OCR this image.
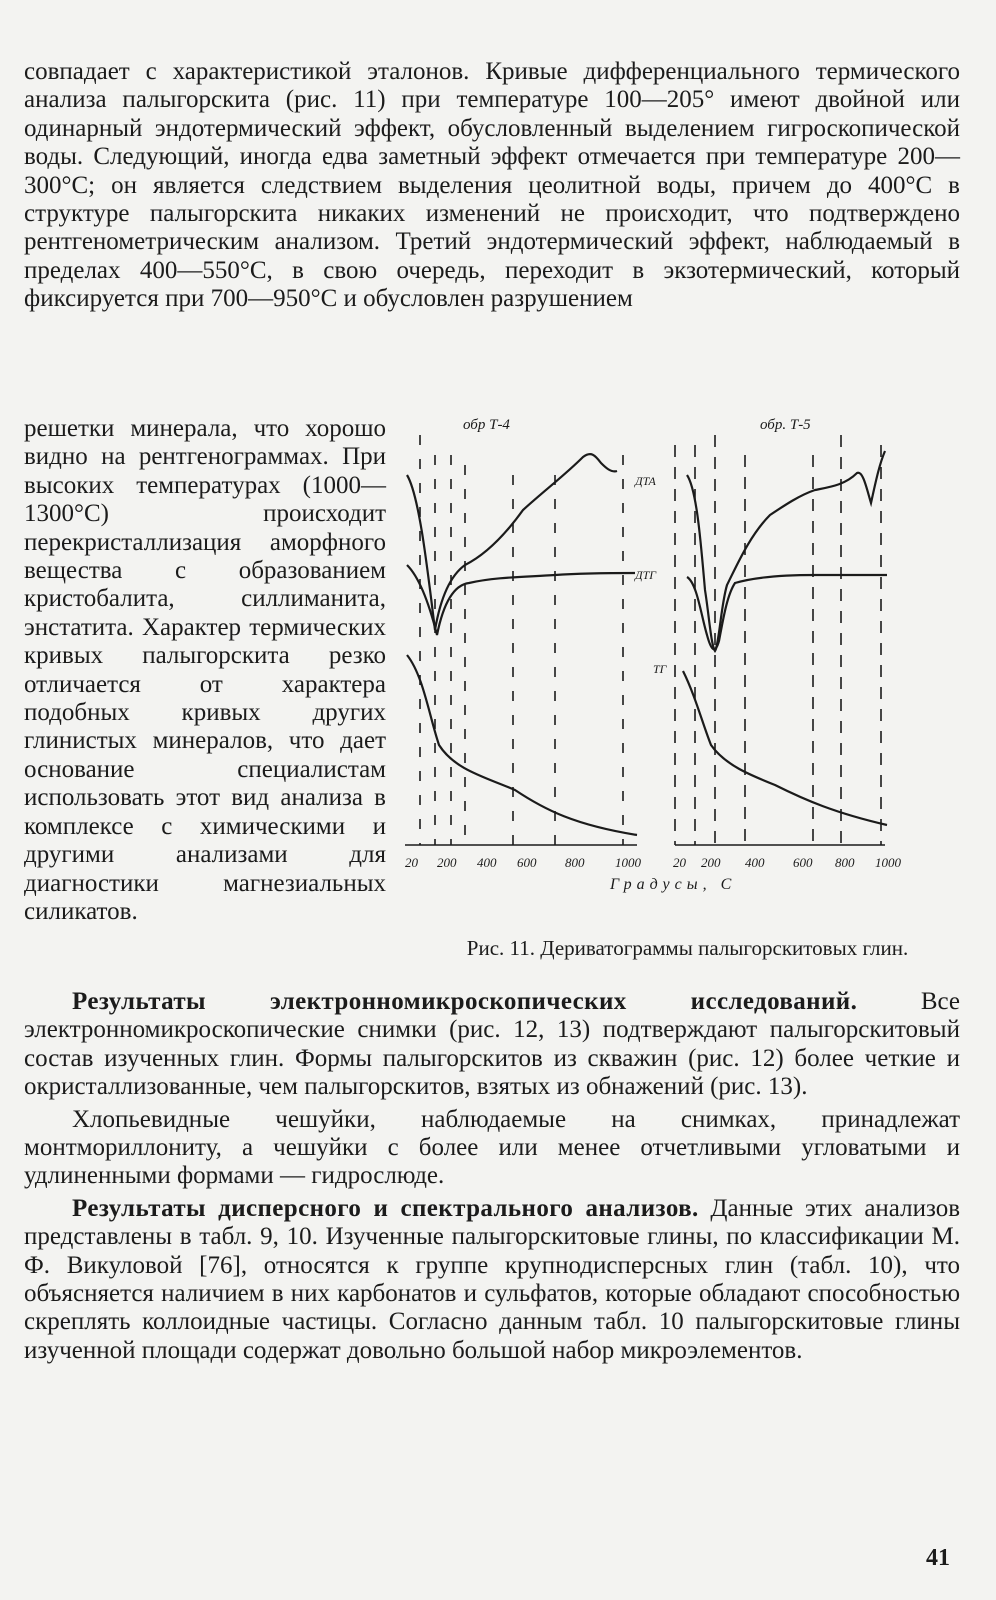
совпадает с характеристикой эталонов. Кривые дифференциального термического анализа палыгорскита (рис. 11) при температуре 100—205° имеют двойной или одинарный эндотермический эффект, обусловленный выделением гигроскопической воды. Следующий, иногда едва заметный эффект отмечается при температуре 200—300°С; он является следствием выделения цеолитной воды, причем до 400°С в структуре палыгорскита никаких изменений не происходит, что подтверждено рентгенометрическим анализом. Третий эндотермический эффект, наблюдаемый в пределах 400—550°С, в свою очередь, переходит в экзотермический, который фиксируется при 700—950°С и обусловлен разрушением

решетки минерала, что хорошо видно на рентгенограммах. При высоких температурах (1000—1300°С) происходит перекристаллизация аморфного вещества с образованием кристобалита, силлиманита, энстатита. Характер термических кривых палыгорскита резко отличается от характера подобных кривых других глинистых минералов, что дает основание специалистам использовать этот вид анализа в комплексе с химическими и другими анализами для диагностики магнезиальных силикатов.

обр Т-4	обр. Т-5
ДТА
ДТГ
ТГ
20 200 400 600 800 1000 20 200 400 600 800 1000
Градусы, С
Рис. 11. Дериватограммы палыгорскитовых глин.

Результаты электронномикроскопических исследований. Все электронномикроскопические снимки (рис. 12, 13) подтверждают палыгорскитовый состав изученных глин. Формы палыгорскитов из скважин (рис. 12) более четкие и окристаллизованные, чем палыгорскитов, взятых из обнажений (рис. 13).

Хлопьевидные чешуйки, наблюдаемые на снимках, принадлежат монтмориллониту, а чешуйки с более или менее отчетливыми угловатыми и удлиненными формами — гидрослюде.

Результаты дисперсного и спектрального анализов. Данные этих анализов представлены в табл. 9, 10. Изученные палыгорскитовые глины, по классификации М. Ф. Викуловой [76], относятся к группе крупнодисперсных глин (табл. 10), что объясняется наличием в них карбонатов и сульфатов, которые обладают способностью скреплять коллоидные частицы. Согласно данным табл. 10 палыгорскитовые глины изученной площади содержат довольно большой набор микроэлементов.

41
